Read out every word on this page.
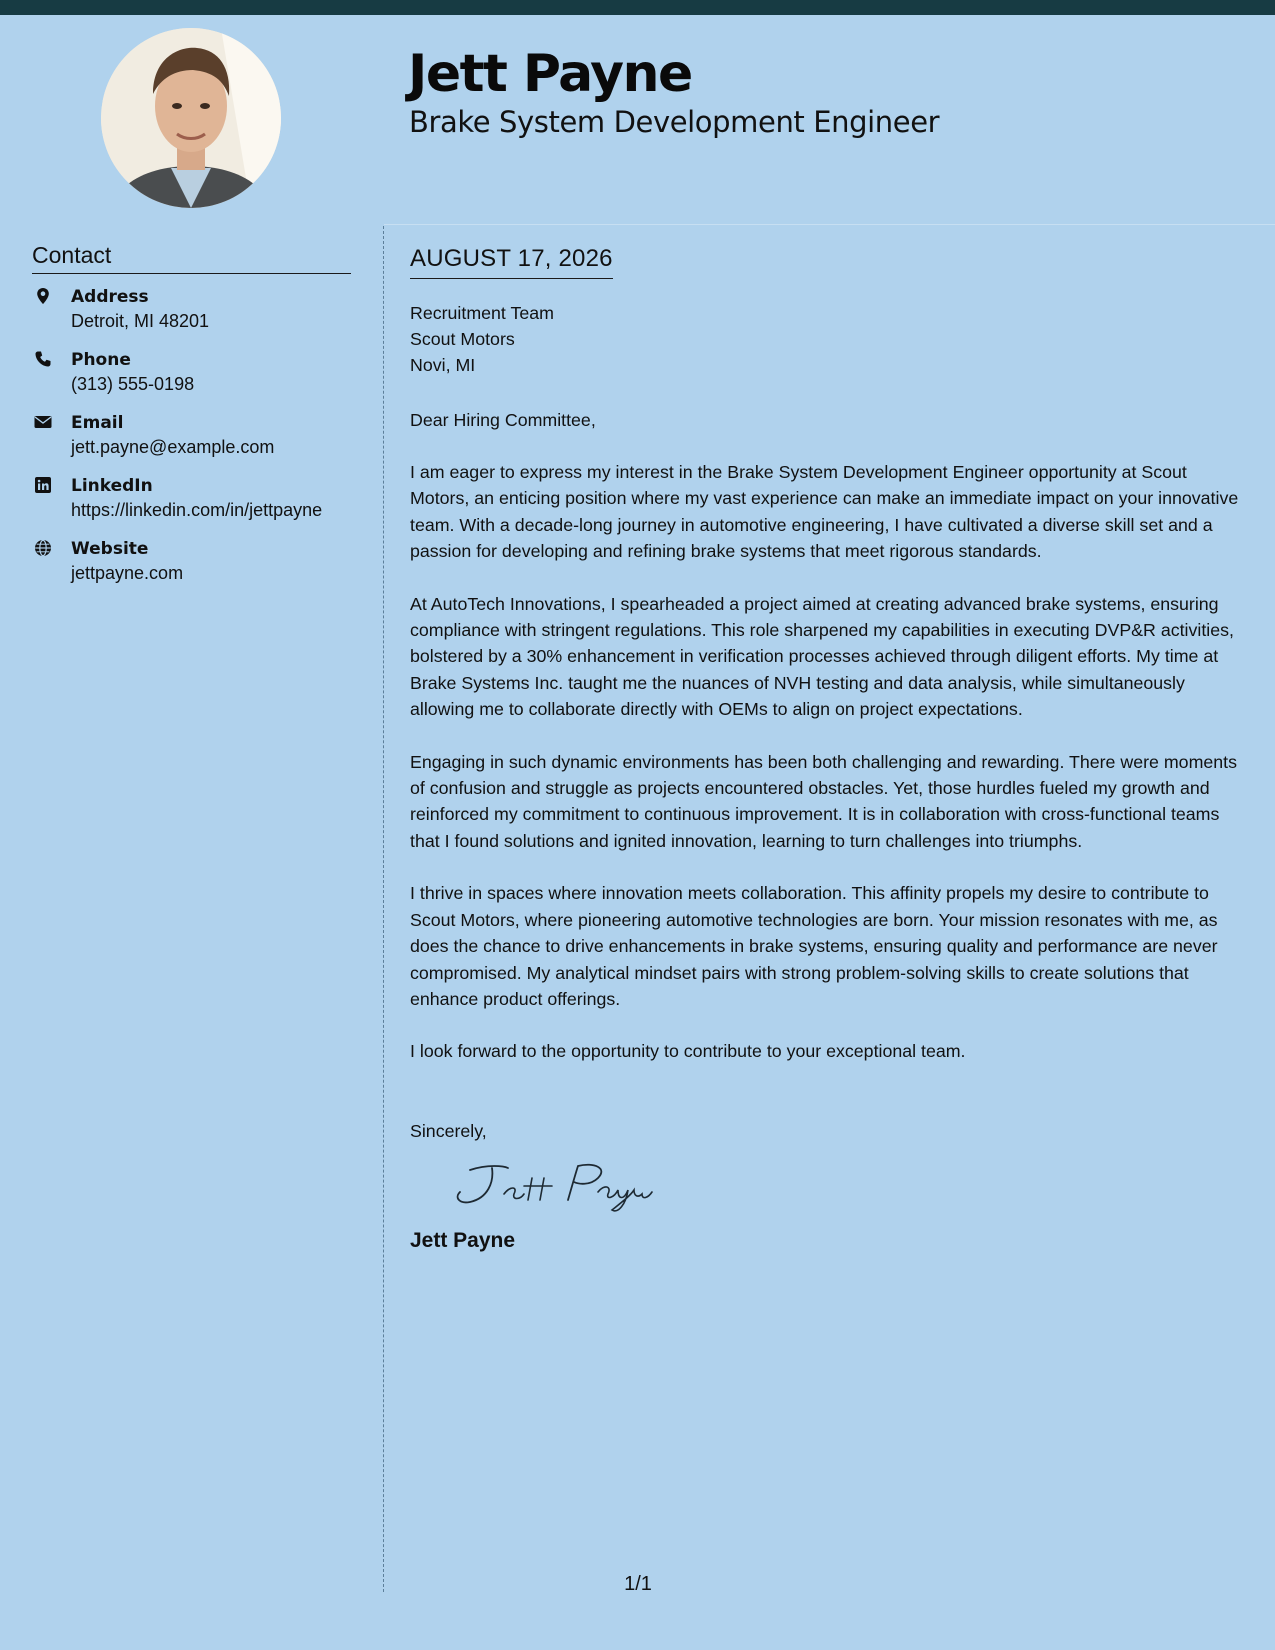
Jett Payne
Brake System Development Engineer
Contact
Address
Detroit, MI 48201
Phone
(313) 555-0198
Email
jett.payne@example.com
LinkedIn
https://linkedin.com/in/jettpayne
Website
jettpayne.com
AUGUST 17, 2026
Recruitment Team
Scout Motors
Novi, MI
Dear Hiring Committee,

I am eager to express my interest in the Brake System Development Engineer opportunity at Scout Motors, an enticing position where my vast experience can make an immediate impact on your innovative team. With a decade-long journey in automotive engineering, I have cultivated a diverse skill set and a passion for developing and refining brake systems that meet rigorous standards.

At AutoTech Innovations, I spearheaded a project aimed at creating advanced brake systems, ensuring compliance with stringent regulations. This role sharpened my capabilities in executing DVP&R activities, bolstered by a 30% enhancement in verification processes achieved through diligent efforts. My time at Brake Systems Inc. taught me the nuances of NVH testing and data analysis, while simultaneously allowing me to collaborate directly with OEMs to align on project expectations.

Engaging in such dynamic environments has been both challenging and rewarding. There were moments of confusion and struggle as projects encountered obstacles. Yet, those hurdles fueled my growth and reinforced my commitment to continuous improvement. It is in collaboration with cross-functional teams that I found solutions and ignited innovation, learning to turn challenges into triumphs.

I thrive in spaces where innovation meets collaboration. This affinity propels my desire to contribute to Scout Motors, where pioneering automotive technologies are born. Your mission resonates with me, as does the chance to drive enhancements in brake systems, ensuring quality and performance are never compromised. My analytical mindset pairs with strong problem-solving skills to create solutions that enhance product offerings.

I look forward to the opportunity to contribute to your exceptional team.

Sincerely,
Jett Payne
1/1
